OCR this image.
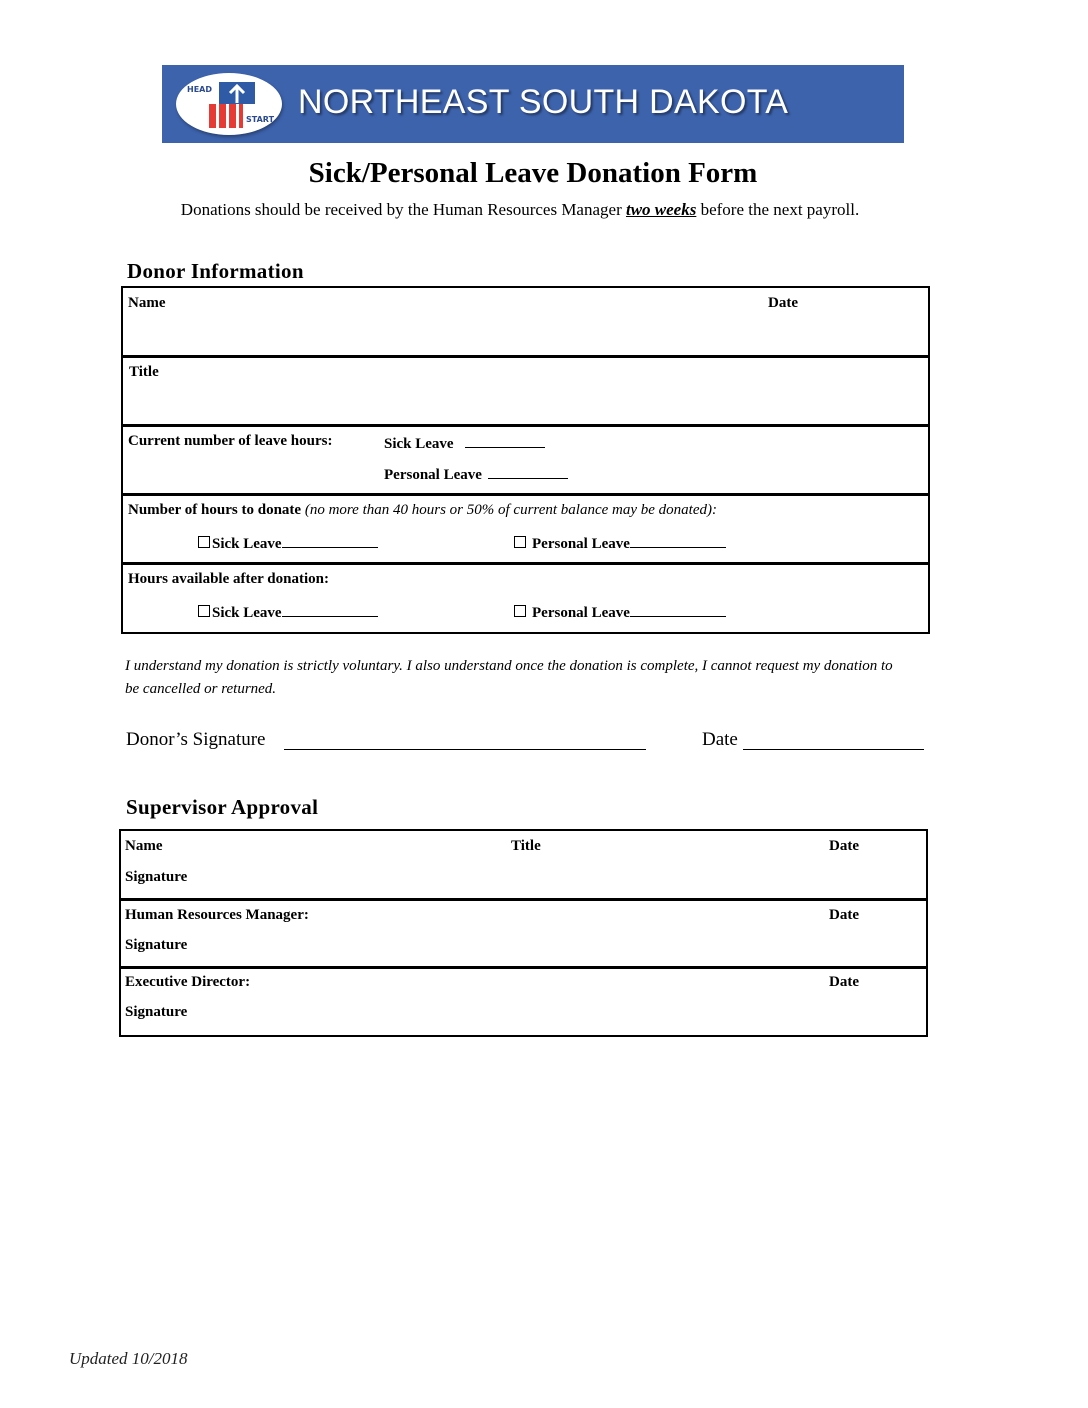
HEAD
START NORTHEAST SOUTH DAKOTA
Sick/Personal Leave Donation Form
Donations should be received by the Human Resources Manager two weeks before the next payroll.
Donor Information
Name	Date
Title
Current number of leave hours:	Sick Leave
Personal Leave
Number of hours to donate (no more than 40 hours or 50% of current balance may be donated):
Sick Leave	Personal Leave
Hours available after donation:
Sick Leave	Personal Leave
I understand my donation is strictly voluntary. I also understand once the donation is complete, I cannot request my donation to be cancelled or returned.
Donor’s Signature	Date
Supervisor Approval
Name	Title	Date
Signature
Human Resources Manager:	Date
Signature
Executive Director:	Date
Signature
Updated 10/2018
